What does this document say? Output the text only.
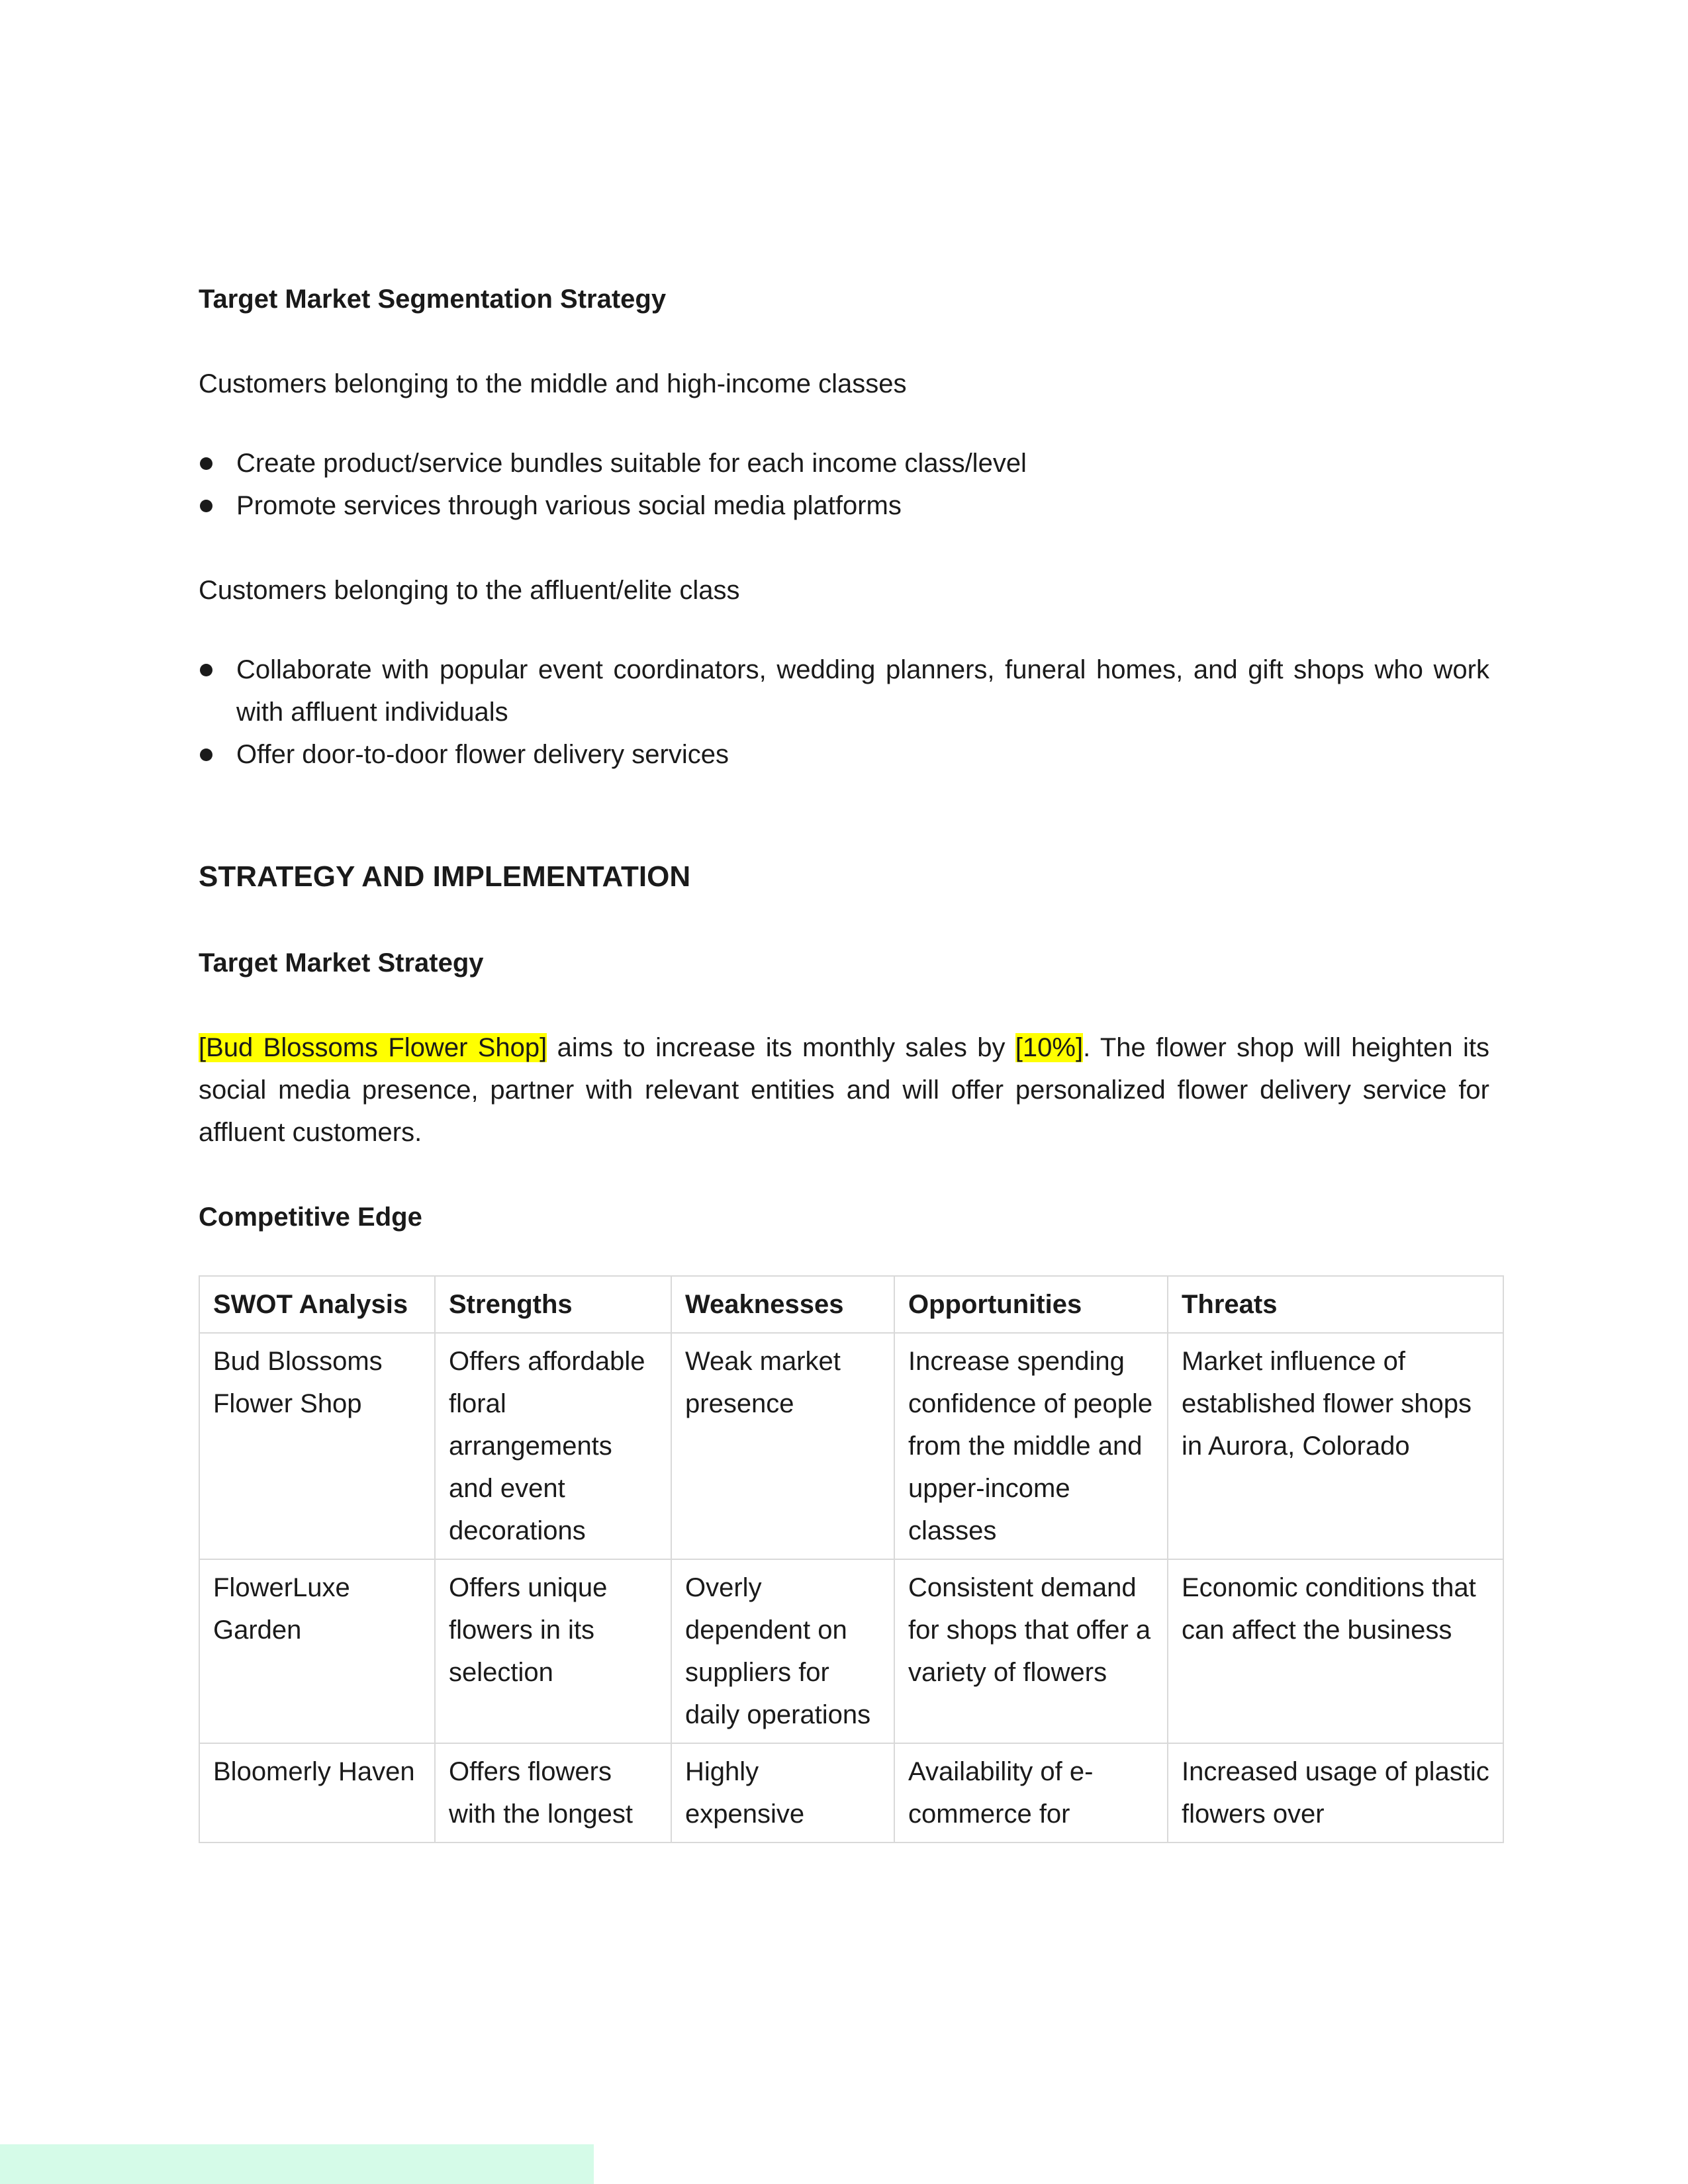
Target Market Segmentation Strategy

Customers belonging to the middle and high-income classes

Create product/service bundles suitable for each income class/level
Promote services through various social media platforms

Customers belonging to the affluent/elite class

Collaborate with popular event coordinators, wedding planners, funeral homes, and gift shops who work with affluent individuals
Offer door-to-door flower delivery services

STRATEGY AND IMPLEMENTATION

Target Market Strategy

[Bud Blossoms Flower Shop] aims to increase its monthly sales by [10%]. The flower shop will heighten its social media presence, partner with relevant entities and will offer personalized flower delivery service for affluent customers.

Competitive Edge

SWOT Analysis	Strengths	Weaknesses	Opportunities	Threats
Bud Blossoms Flower Shop	Offers affordable floral arrangements and event decorations	Weak market presence	Increase spending confidence of people from the middle and upper-income classes	Market influence of established flower shops in Aurora, Colorado
FlowerLuxe Garden	Offers unique flowers in its selection	Overly dependent on suppliers for daily operations	Consistent demand for shops that offer a variety of flowers	Economic conditions that can affect the business
Bloomerly Haven	Offers flowers with the longest	Highly expensive	Availability of e-commerce for	Increased usage of plastic flowers over
